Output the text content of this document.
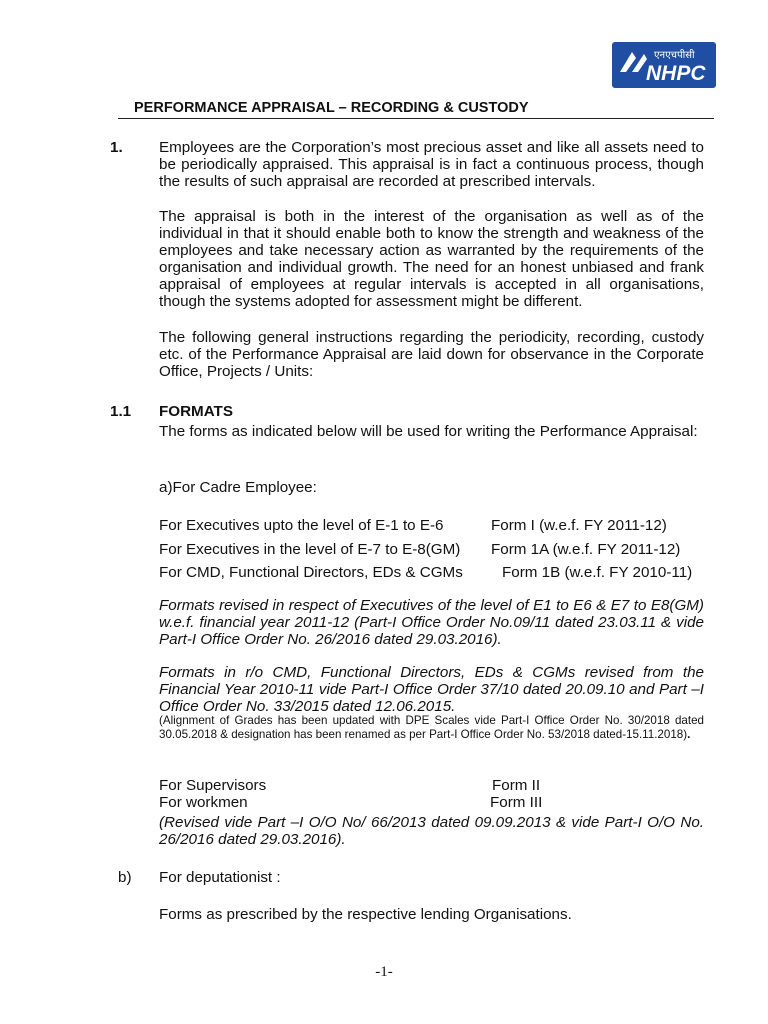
एनएचपीसी
NHPC
PERFORMANCE APPRAISAL – RECORDING & CUSTODY
1. Employees are the Corporation’s most precious asset and like all assets need to be periodically appraised. This appraisal is in fact a continuous process, though the results of such appraisal are recorded at prescribed intervals.
The appraisal is both in the interest of the organisation as well as of the individual in that it should enable both to know the strength and weakness of the employees and take necessary action as warranted by the requirements of the organisation and individual growth. The need for an honest unbiased and frank appraisal of employees at regular intervals is accepted in all organisations, though the systems adopted for assessment might be different.
The following general instructions regarding the periodicity, recording, custody etc. of the Performance Appraisal are laid down for observance in the Corporate Office, Projects / Units:
1.1 FORMATS
The forms as indicated below will be used for writing the Performance Appraisal:
a)For Cadre Employee:
For Executives upto the level of E-1 to E-6	Form I (w.e.f. FY 2011-12)
For Executives in the level of E-7 to E-8(GM) Form 1A (w.e.f. FY 2011-12)
For CMD, Functional Directors, EDs & CGMs	Form 1B (w.e.f. FY 2010-11)
Formats revised in respect of Executives of the level of E1 to E6 & E7 to E8(GM) w.e.f. financial year 2011-12 (Part-I Office Order No.09/11 dated 23.03.11 & vide Part-I Office Order No. 26/2016 dated 29.03.2016).
Formats in r/o CMD, Functional Directors, EDs & CGMs revised from the Financial Year 2010-11 vide Part-I Office Order 37/10 dated 20.09.10 and Part –I Office Order No. 33/2015 dated 12.06.2015.
(Alignment of Grades has been updated with DPE Scales vide Part-I Office Order No. 30/2018 dated 30.05.2018 & designation has been renamed as per Part-I Office Order No. 53/2018 dated-15.11.2018).
For Supervisors	Form II
For workmen	Form III
(Revised vide Part –I O/O No/ 66/2013 dated 09.09.2013 & vide Part-I O/O No. 26/2016 dated 29.03.2016).
b) For deputationist :
Forms as prescribed by the respective lending Organisations.
-1-
